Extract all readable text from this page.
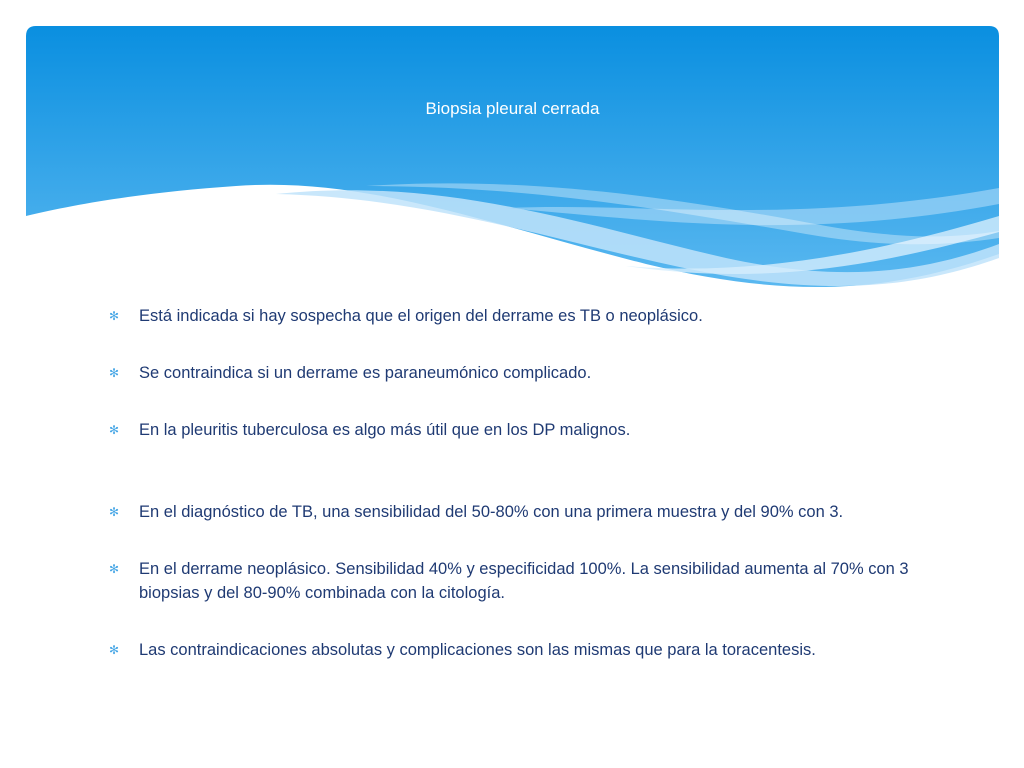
Biopsia pleural cerrada
✻ Está indicada si hay sospecha que el origen del derrame es TB o neoplásico.
✻ Se contraindica si un derrame es paraneumónico complicado.
✻ En la pleuritis tuberculosa es algo más útil que en los DP malignos.
✻ En el diagnóstico de TB, una sensibilidad del 50-80% con una primera muestra y del 90% con 3.
✻ En el derrame neoplásico. Sensibilidad 40% y especificidad 100%. La sensibilidad aumenta al 70% con 3 biopsias y del 80-90% combinada con la citología.
✻ Las contraindicaciones absolutas y complicaciones son las mismas que para la toracentesis.
